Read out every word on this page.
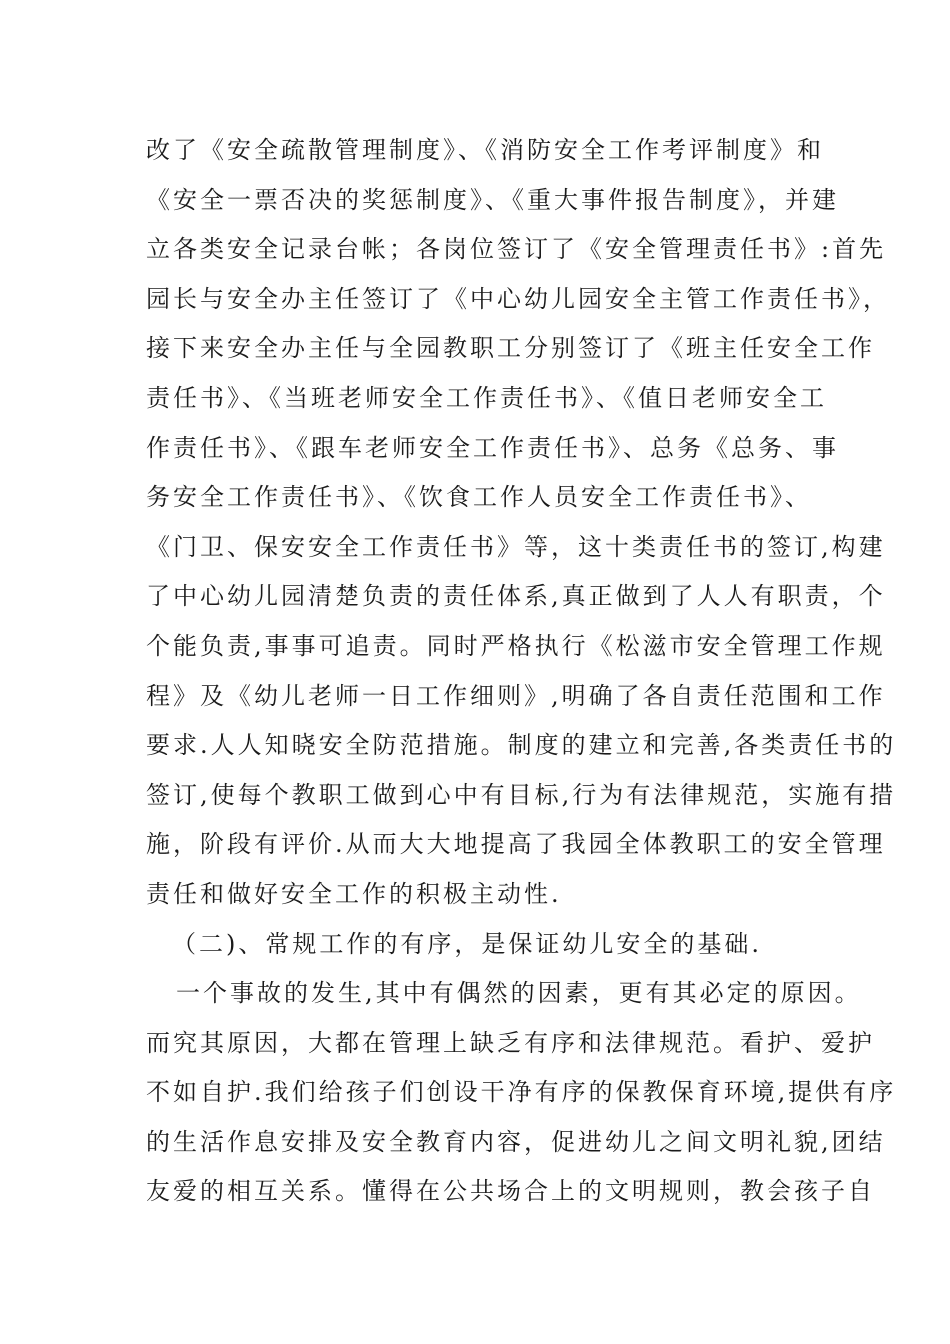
改了《安全疏散管理制度》、《消防安全工作考评制度》和
《安全一票否决的奖惩制度》、《重大事件报告制度》，并建
立各类安全记录台帐；各岗位签订了《安全管理责任书》:首先
园长与安全办主任签订了《中心幼儿园安全主管工作责任书》，
接下来安全办主任与全园教职工分别签订了《班主任安全工作
责任书》、《当班老师安全工作责任书》、《值日老师安全工
作责任书》、《跟车老师安全工作责任书》、总务《总务、事
务安全工作责任书》、《饮食工作人员安全工作责任书》、
《门卫、保安安全工作责任书》等，这十类责任书的签订,构建
了中心幼儿园清楚负责的责任体系,真正做到了人人有职责，个
个能负责,事事可追责。同时严格执行《松滋市安全管理工作规
程》及《幼儿老师一日工作细则》,明确了各自责任范围和工作
要求.人人知晓安全防范措施。制度的建立和完善,各类责任书的
签订,使每个教职工做到心中有目标,行为有法律规范，实施有措
施，阶段有评价.从而大大地提高了我园全体教职工的安全管理
责任和做好安全工作的积极主动性.
（二)、常规工作的有序，是保证幼儿安全的基础.
一个事故的发生,其中有偶然的因素，更有其必定的原因。
而究其原因，大都在管理上缺乏有序和法律规范。看护、爱护
不如自护.我们给孩子们创设干净有序的保教保育环境,提供有序
的生活作息安排及安全教育内容，促进幼儿之间文明礼貌,团结
友爱的相互关系。懂得在公共场合上的文明规则，教会孩子自
